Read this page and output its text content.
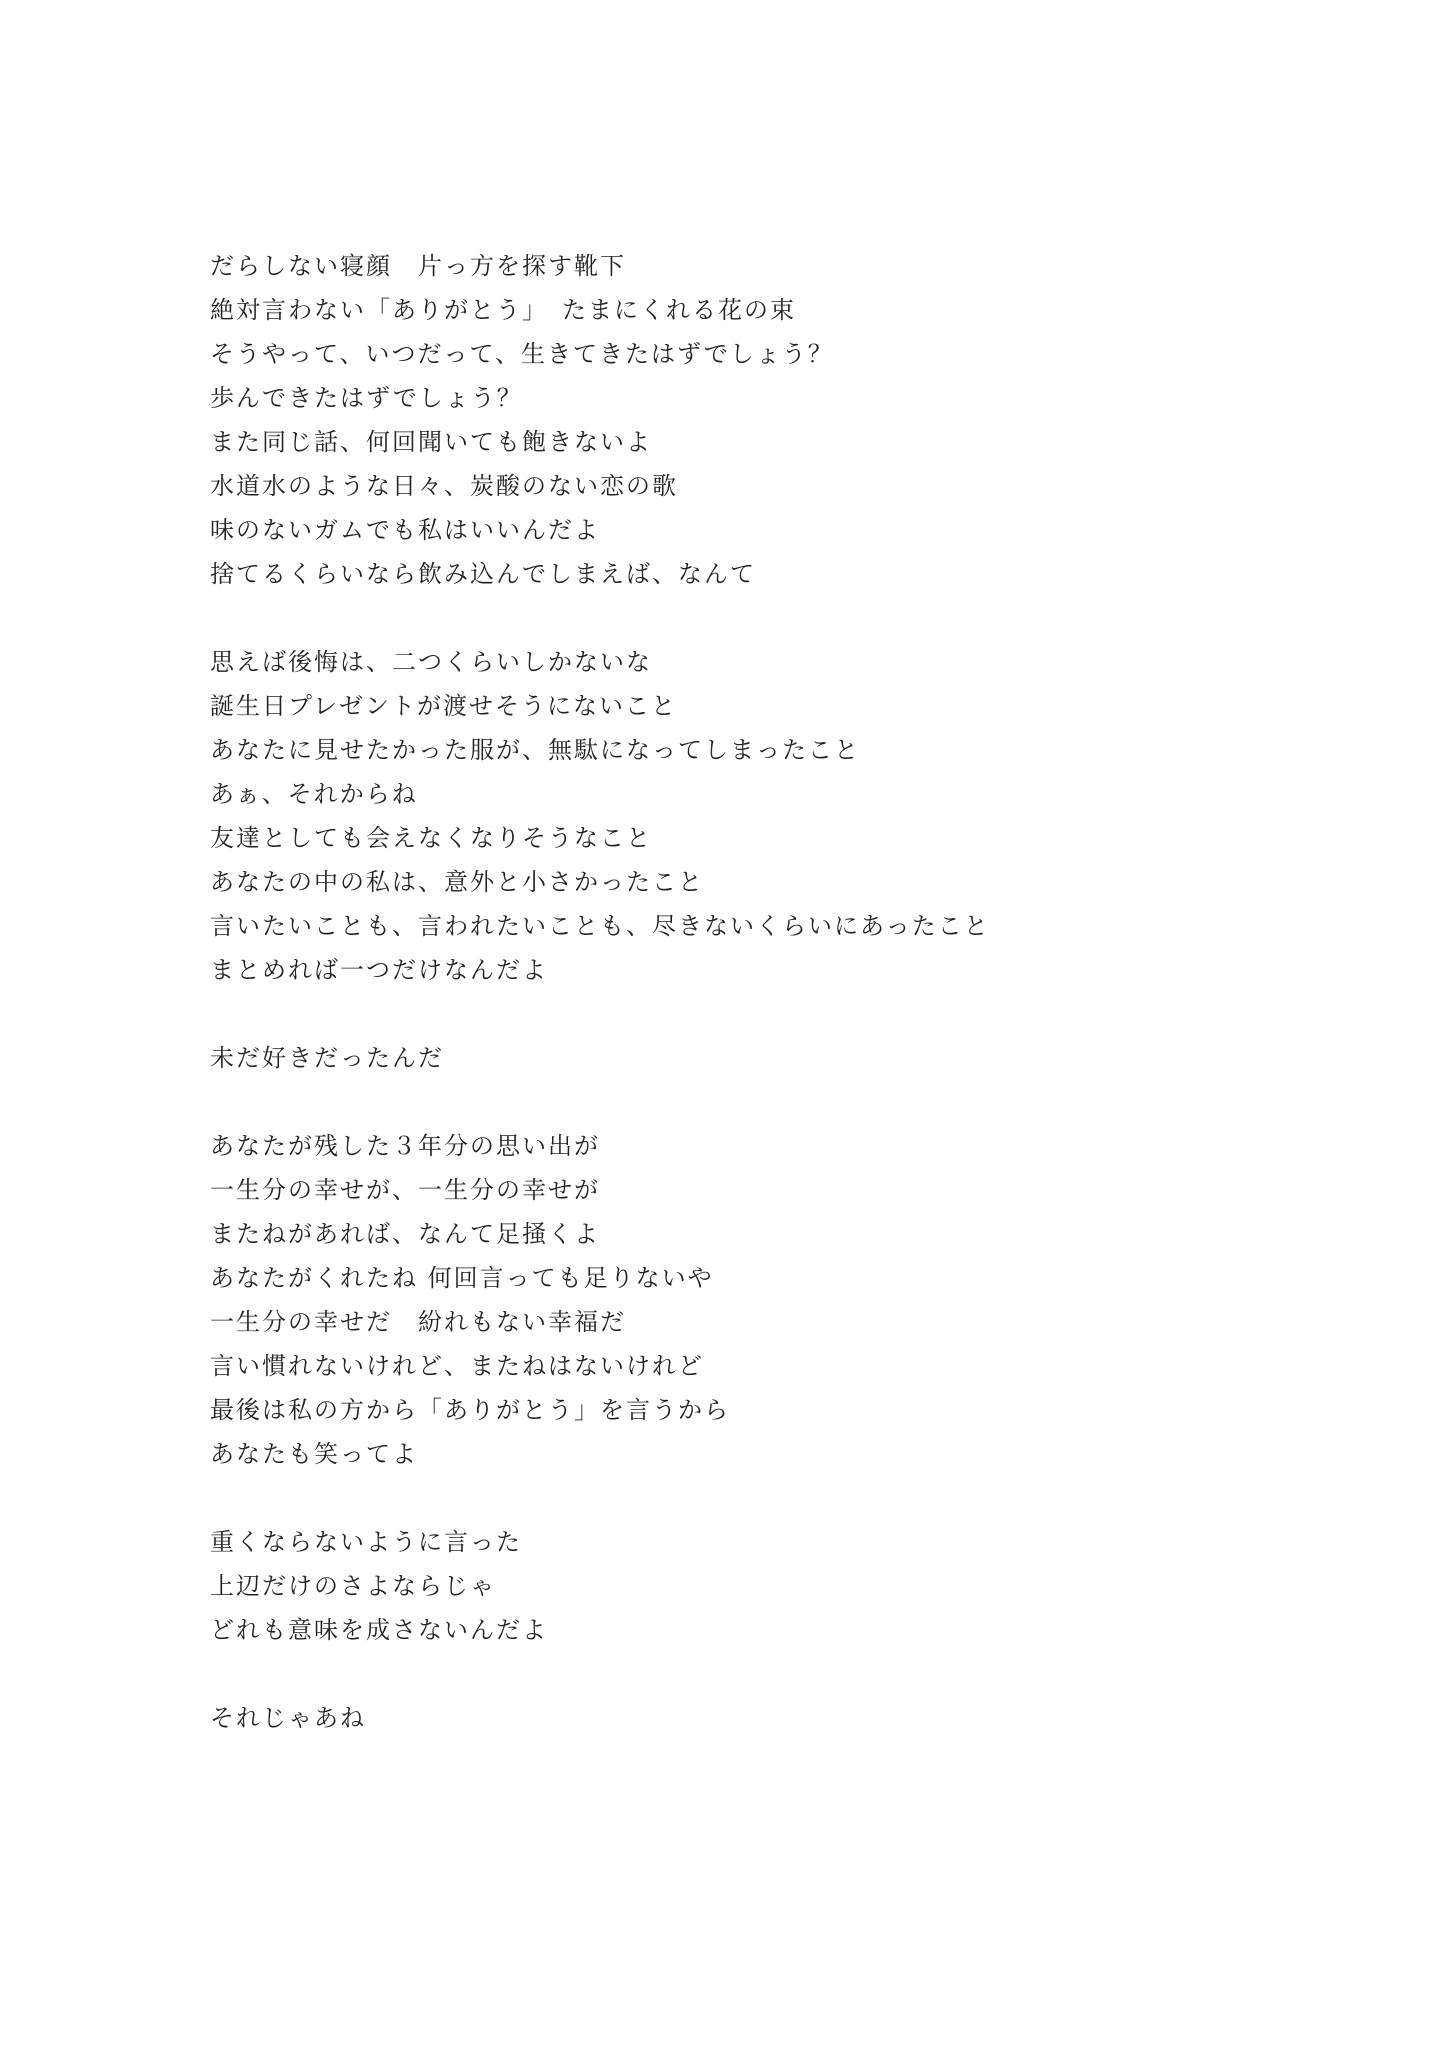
だらしない寝顔　片っ方を探す靴下
絶対言わない「ありがとう」　たまにくれる花の束
そうやって、いつだって、生きてきたはずでしょう？
歩んできたはずでしょう？
また同じ話、何回聞いても飽きないよ
水道水のような日々、炭酸のない恋の歌
味のないガムでも私はいいんだよ
捨てるくらいなら飲み込んでしまえば、なんて
思えば後悔は、二つくらいしかないな
誕生日プレゼントが渡せそうにないこと
あなたに見せたかった服が、無駄になってしまったこと
あぁ、それからね
友達としても会えなくなりそうなこと
あなたの中の私は、意外と小さかったこと
言いたいことも、言われたいことも、尽きないくらいにあったこと
まとめれば一つだけなんだよ
未だ好きだったんだ
あなたが残した３年分の思い出が
一生分の幸せが、一生分の幸せが
またねがあれば、なんて足掻くよ
あなたがくれたね 何回言っても足りないや
一生分の幸せだ　紛れもない幸福だ
言い慣れないけれど、またねはないけれど
最後は私の方から「ありがとう」を言うから
あなたも笑ってよ
重くならないように言った
上辺だけのさよならじゃ
どれも意味を成さないんだよ
それじゃあね
